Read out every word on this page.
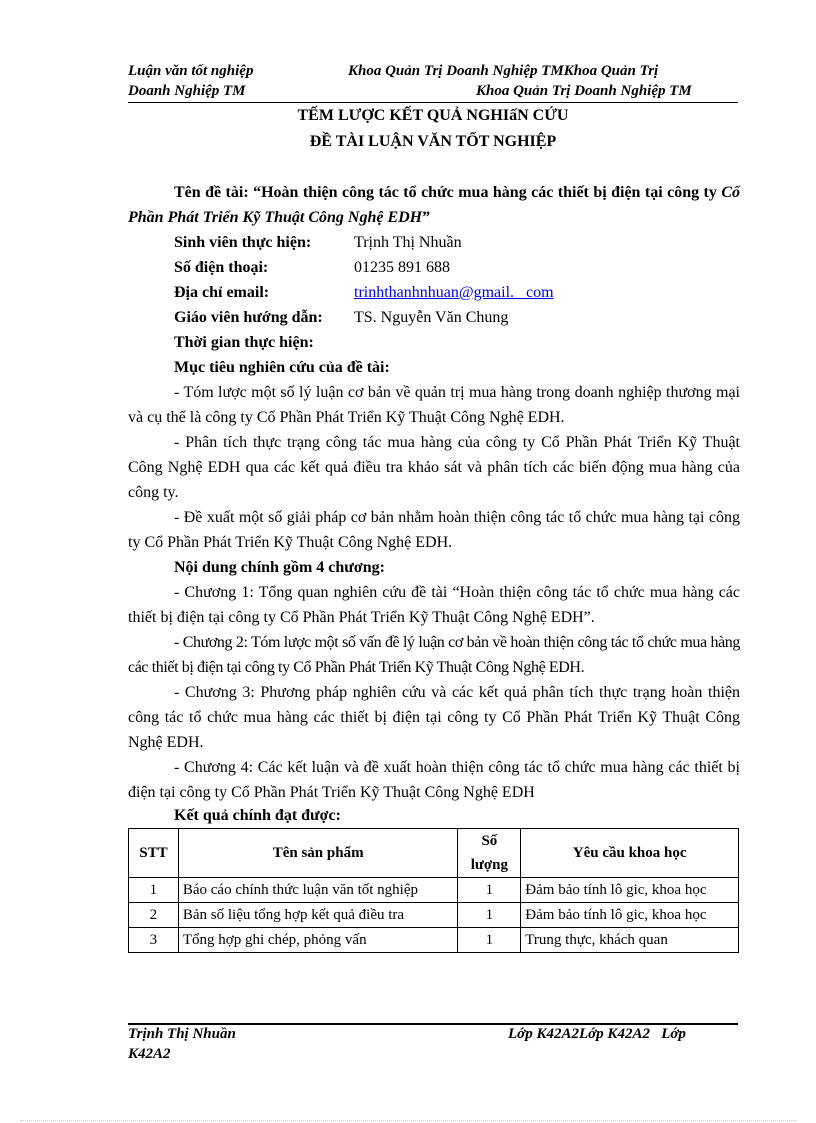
Luận văn tốt nghiệp	Khoa Quản Trị Doanh Nghiệp TMKhoa Quản Trị
Doanh Nghiệp TM	Khoa Quản Trị Doanh Nghiệp TM
TẾM LƯỢC KẾT QUẢ NGHIấN CỨU
ĐỀ TÀI LUẬN VĂN TỐT NGHIỆP
Tên đề tài: “Hoàn thiện công tác tổ chức mua hàng các thiết bị điện tại công ty Cổ Phần Phát Triển Kỹ Thuật Công Nghệ EDH”
Sinh viên thực hiện:	Trịnh Thị Nhuần
Số điện thoại:	01235 891 688
Địa chỉ email:	trinhthanhnhuan@gmail.   com
Giáo viên hướng dẫn: TS. Nguyễn Văn Chung
Thời gian thực hiện:
Mục tiêu nghiên cứu của đề tài:
- Tóm lược một số lý luận cơ bản về quản trị mua hàng trong doanh nghiệp thương mại và cụ thể là công ty Cổ Phần Phát Triển Kỹ Thuật Công Nghệ EDH.
- Phân tích thực trạng công tác mua hàng của công ty Cổ Phần Phát Triển Kỹ Thuật Công Nghệ EDH qua các kết quả điều tra khảo sát và phân tích các biến động mua hàng của công ty.
- Đề xuất một số giải pháp cơ bản nhằm hoàn thiện công tác tổ chức mua hàng tại công ty Cổ Phần Phát Triển Kỹ Thuật Công Nghệ EDH.
Nội dung chính gồm 4 chương:
- Chương 1: Tổng quan nghiên cứu đề tài “Hoàn thiện công tác tổ chức mua hàng các thiết bị điện tại công ty Cổ Phần Phát Triển Kỹ Thuật Công Nghệ EDH”.
- Chương 2: Tóm lược một số vấn đề lý luận cơ bản về hoàn thiện công tác tổ chức mua hàng các thiết bị điện tại công ty Cổ Phần Phát Triển Kỹ Thuật Công Nghệ EDH.
- Chương 3: Phương pháp nghiên cứu và các kết quả phân tích thực trạng hoàn thiện công tác tổ chức mua hàng các thiết bị điện tại công ty Cổ Phần Phát Triển Kỹ Thuật Công Nghệ EDH.
- Chương 4: Các kết luận và đề xuất hoàn thiện công tác tổ chức mua hàng các thiết bị điện tại công ty Cổ Phần Phát Triển Kỹ Thuật Công Nghệ EDH
Kết quả chính đạt được:
STT	Tên sản phẩm	Số lượng	Yêu cầu khoa học
1	Báo cáo chính thức luận văn tốt nghiệp	1	Đảm bảo tính lô gic, khoa học
2	Bản số liệu tổng hợp kết quả điều tra	1	Đảm bảo tính lô gic, khoa học
3	Tổng hợp ghi chép, phỏng vấn	1	Trung thực, khách quan
Trịnh Thị Nhuần	Lớp K42A2Lớp K42A2   Lớp
K42A2
